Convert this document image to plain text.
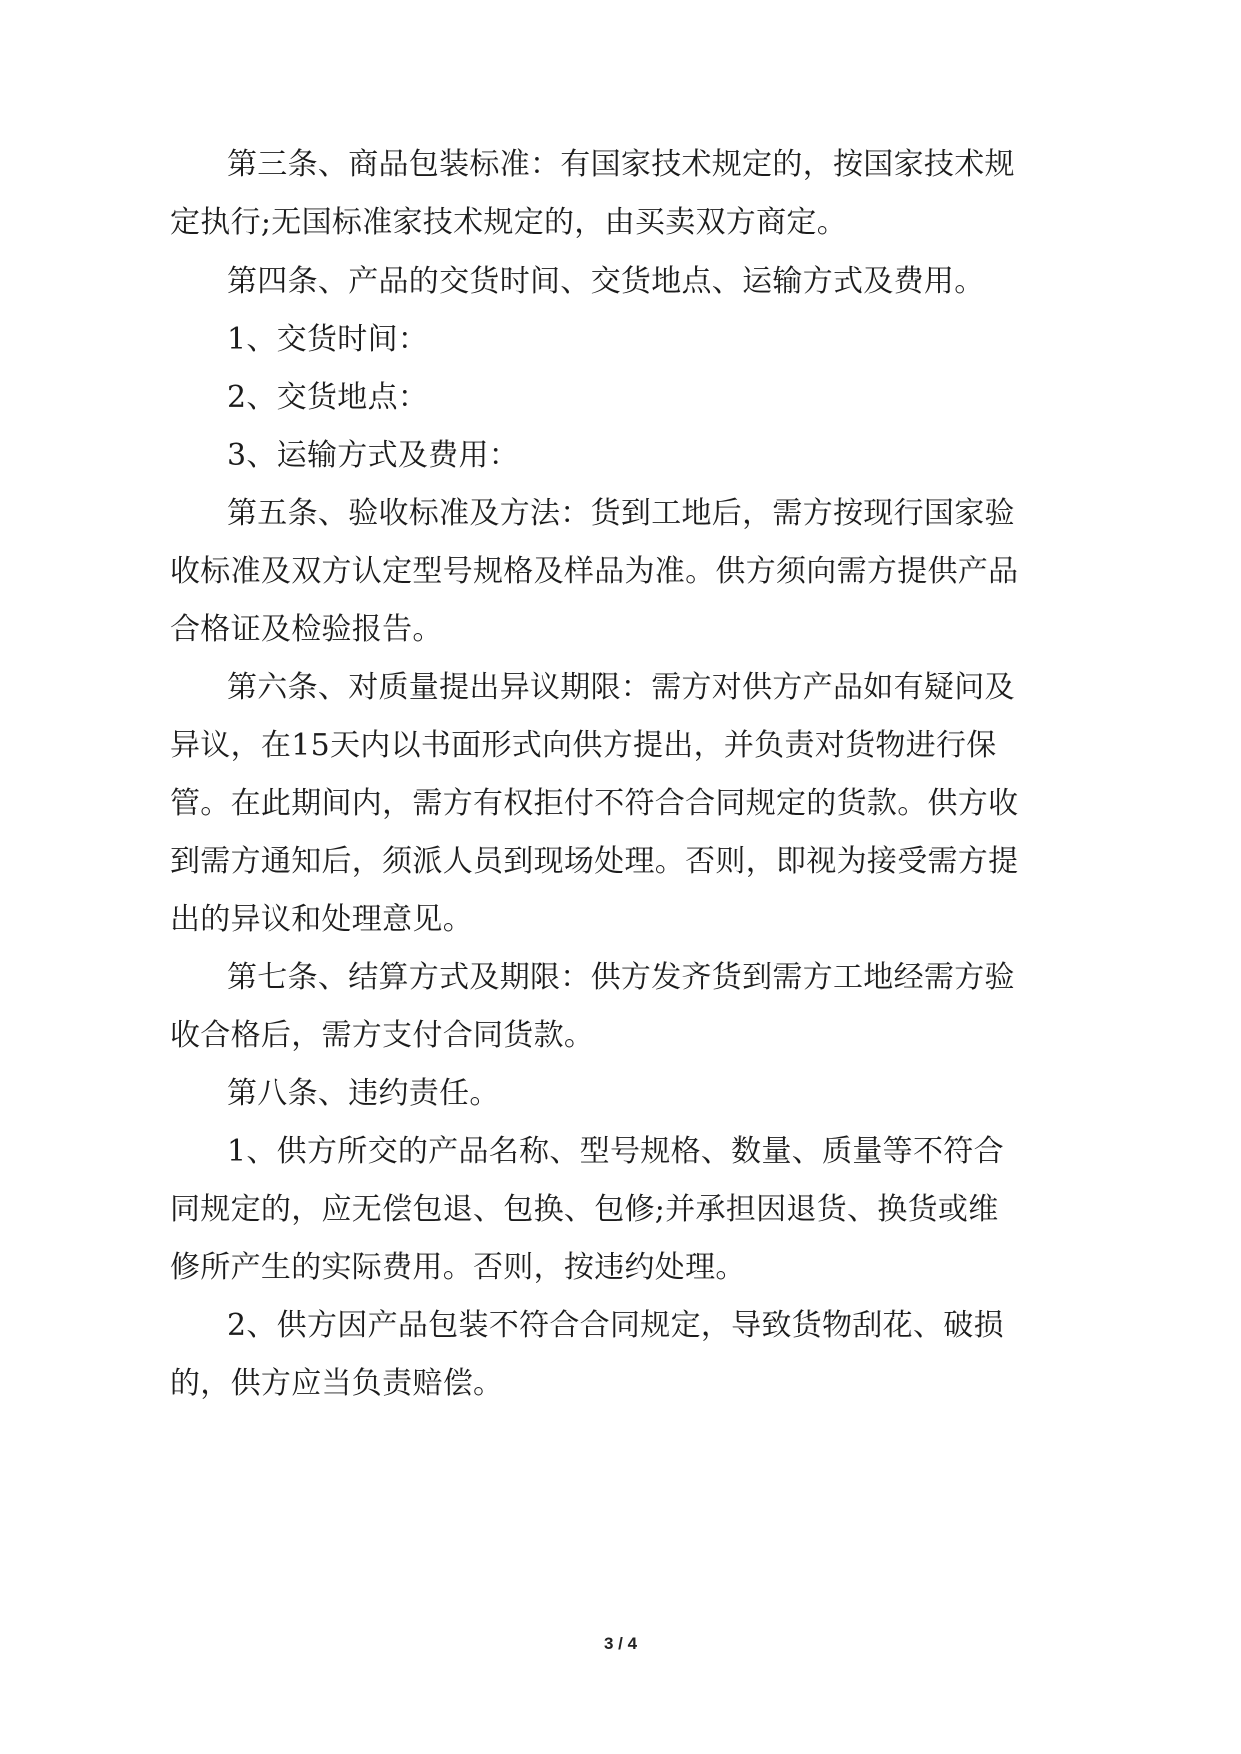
第三条、商品包装标准：有国家技术规定的，按国家技术规

定执行;无国标准家技术规定的，由买卖双方商定。

第四条、产品的交货时间、交货地点、运输方式及费用。

1、交货时间：

2、交货地点：

3、运输方式及费用：

第五条、验收标准及方法：货到工地后，需方按现行国家验

收标准及双方认定型号规格及样品为准。供方须向需方提供产品

合格证及检验报告。

第六条、对质量提出异议期限：需方对供方产品如有疑问及

异议，在15天内以书面形式向供方提出，并负责对货物进行保

管。在此期间内，需方有权拒付不符合合同规定的货款。供方收

到需方通知后，须派人员到现场处理。否则，即视为接受需方提

出的异议和处理意见。

第七条、结算方式及期限：供方发齐货到需方工地经需方验

收合格后，需方支付合同货款。

第八条、违约责任。

1、供方所交的产品名称、型号规格、数量、质量等不符合

同规定的，应无偿包退、包换、包修;并承担因退货、换货或维

修所产生的实际费用。否则，按违约处理。

2、供方因产品包装不符合合同规定，导致货物刮花、破损

的，供方应当负责赔偿。

3 / 4
